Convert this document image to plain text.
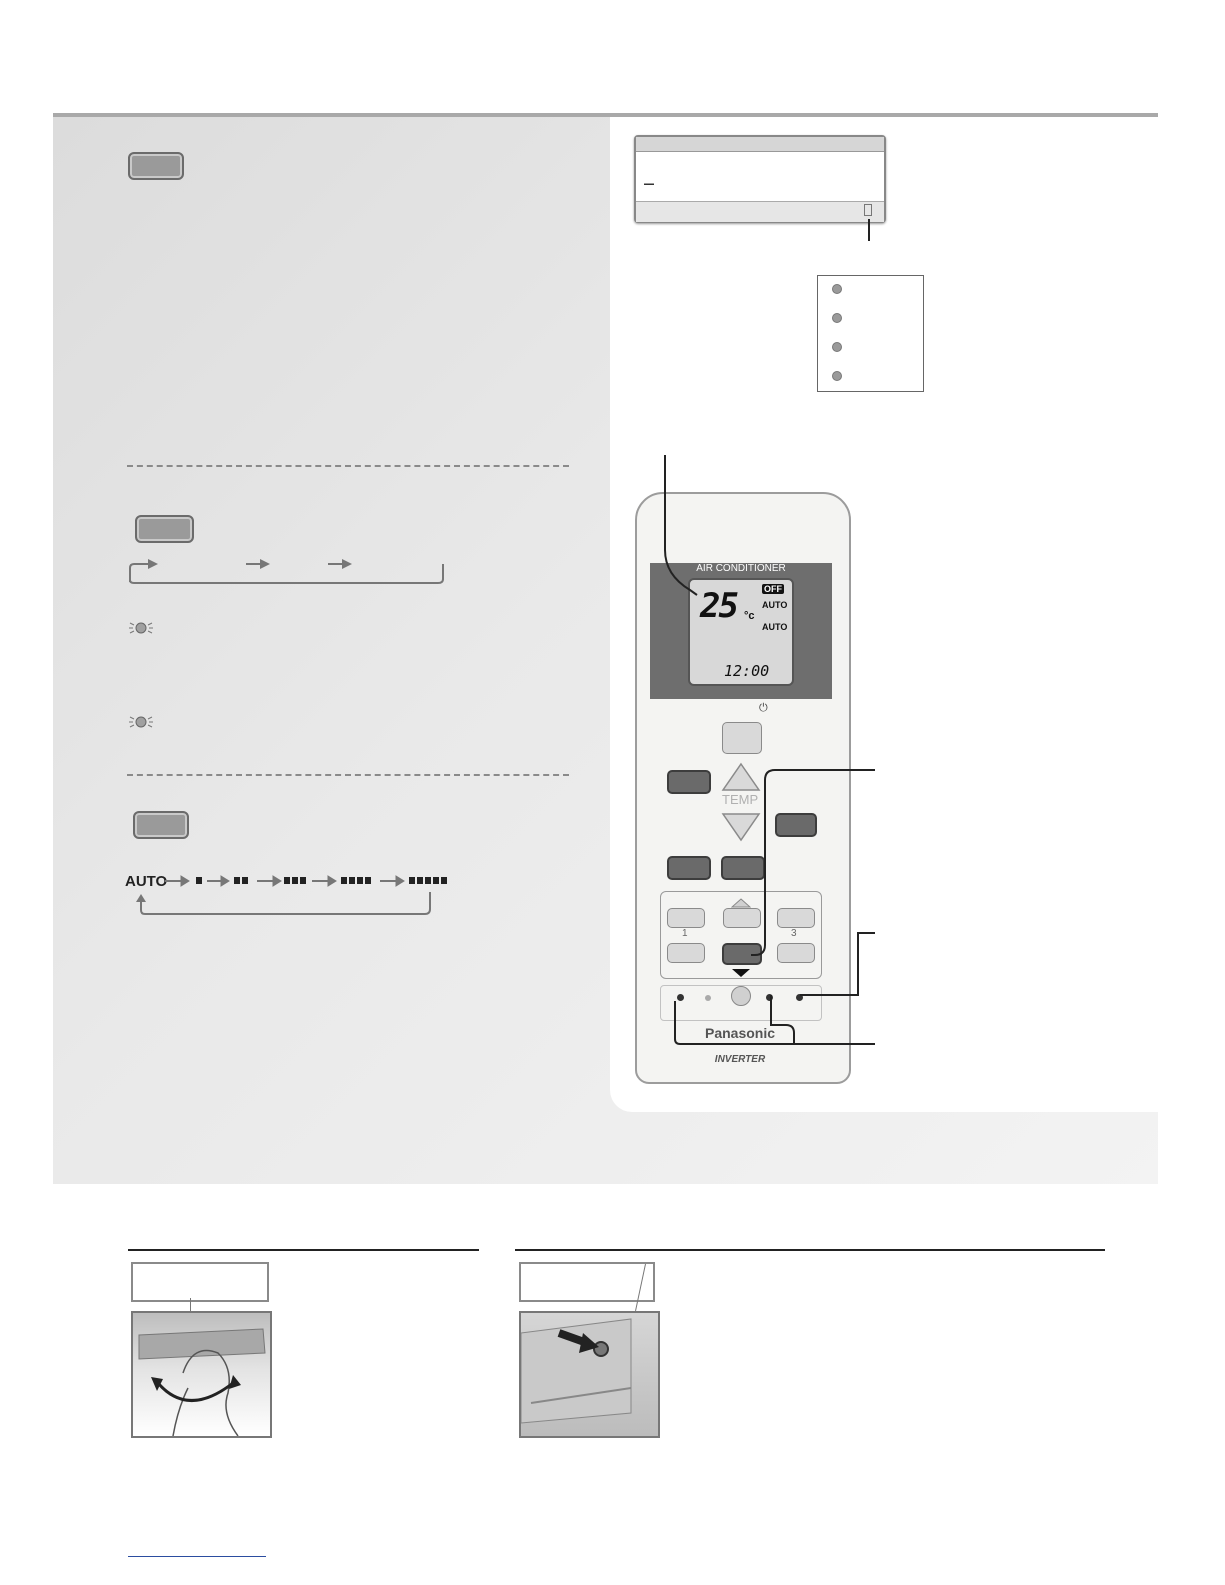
AUTO
▬▬
AIR CONDITIONER
25 °c
OFF
AUTO
AUTO
12:00
⏻
TEMP
1	3
Panasonic
INVERTER
